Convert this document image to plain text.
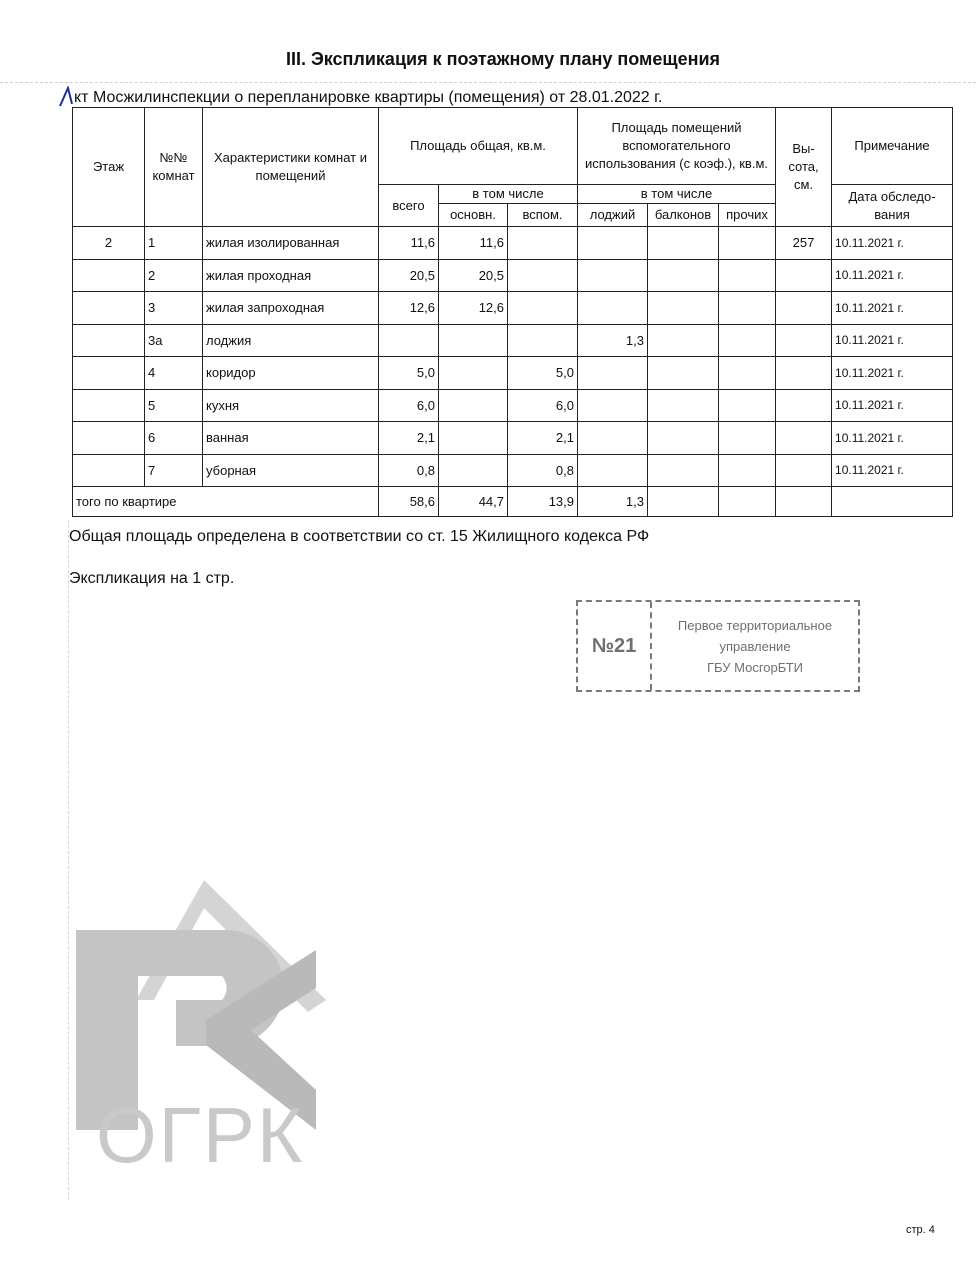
III. Экспликация к поэтажному плану помещения
кт Мосжилинспекции о перепланировке квартиры (помещения) от 28.01.2022 г.
Этаж	№№ комнат	Характеристики комнат и помещений	Площадь общая, кв.м.			Площадь помещений вспомогательного использования (с коэф.), кв.м.			Вы-сота, см.	Примечание
			всего	в том числе		в том числе				Дата обследо-вания
				основн.	вспом.	лоджий	балконов	прочих		
2	1	жилая изолированная	11,6	11,6					257	10.11.2021 г.
	2	жилая проходная	20,5	20,5						10.11.2021 г.
	3	жилая запроходная	12,6	12,6						10.11.2021 г.
	3а	лоджия				1,3				10.11.2021 г.
	4	коридор	5,0		5,0					10.11.2021 г.
	5	кухня	6,0		6,0					10.11.2021 г.
	6	ванная	2,1		2,1					10.11.2021 г.
	7	уборная	0,8		0,8					10.11.2021 г.
того по квартире			58,6	44,7	13,9	1,3				
Общая площадь определена в соответствии со ст. 15 Жилищного кодекса РФ
Экспликация на 1 стр.
№21
Первое территориальное
управление
ГБУ МосгорБТИ
ОГРК
стр. 4
